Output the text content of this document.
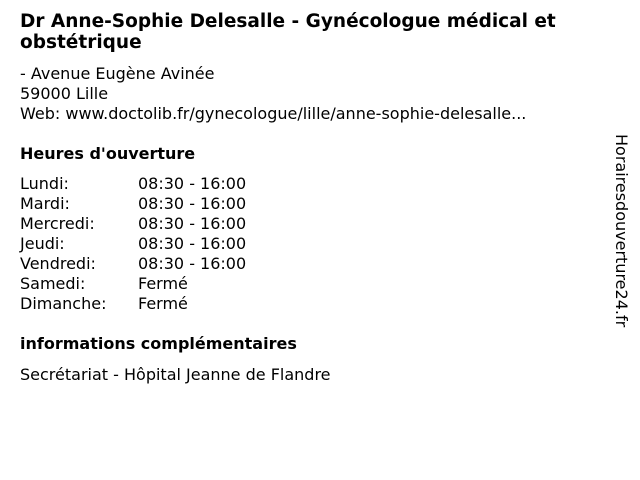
Dr Anne-Sophie Delesalle - Gynécologue médical et obstétrique
- Avenue Eugène Avinée
59000 Lille
Web: www.doctolib.fr/gynecologue/lille/anne-sophie-delesalle...
Heures d'ouverture
Lundi:	08:30 - 16:00
Mardi:	08:30 - 16:00
Mercredi:	08:30 - 16:00
Jeudi:	08:30 - 16:00
Vendredi:	08:30 - 16:00
Samedi:	Fermé
Dimanche:	Fermé
informations complémentaires
Secrétariat - Hôpital Jeanne de Flandre
Horairesdouverture24.fr
